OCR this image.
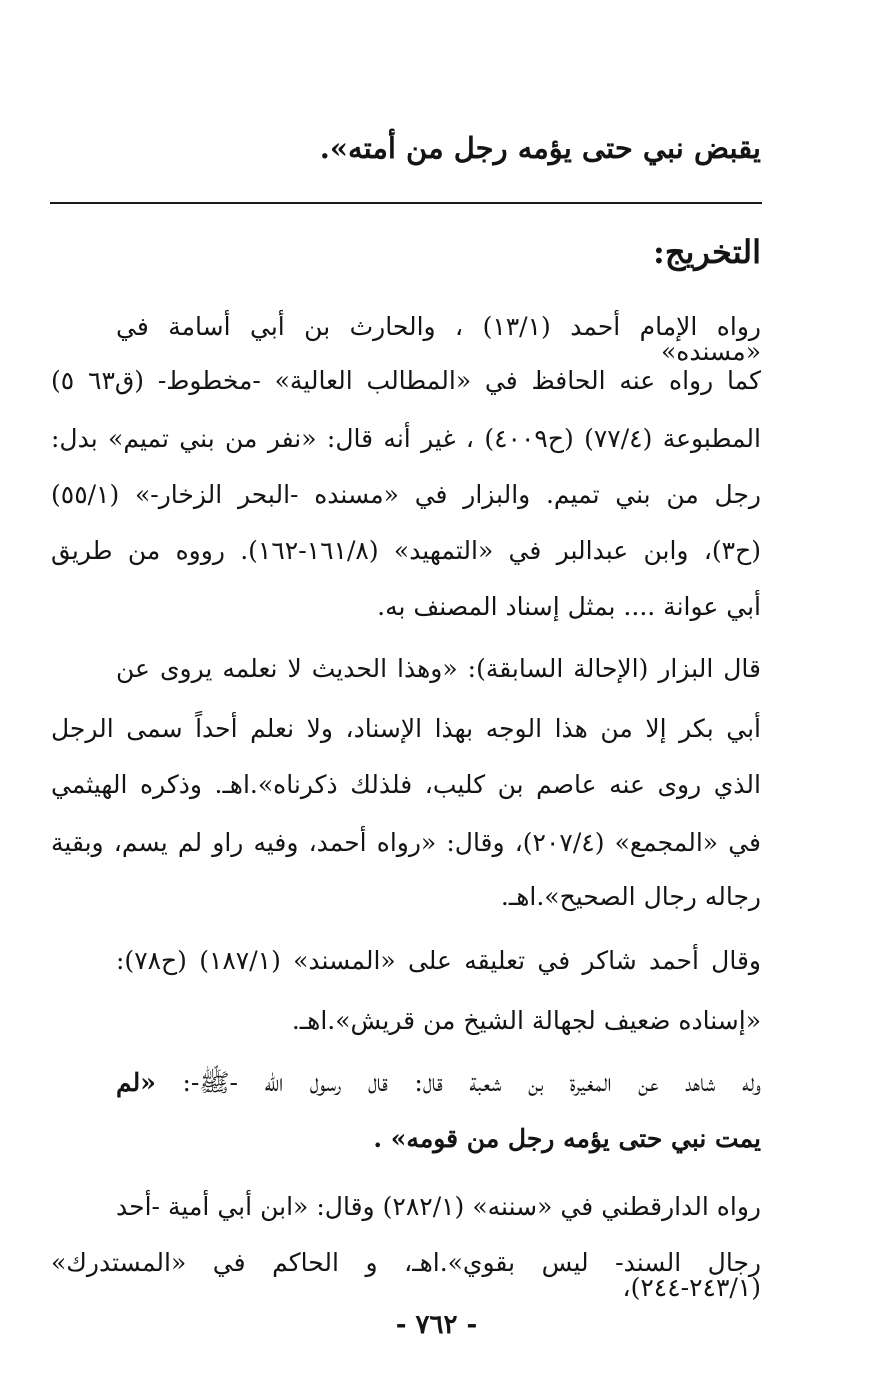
يقبض نبي حتى يؤمه رجل من أمته».
التخريج:
رواه الإمام أحمد (١٣/١) ، والحارث بن أبي أسامة في «مسنده»
كما رواه عنه الحافظ في «المطالب العالية» -مخطوط- (ق٦٣ ٥)
المطبوعة (٧٧/٤) (ح٤٠٠٩) ، غير أنه قال: «نفر من بني تميم» بدل:
رجل من بني تميم. والبزار في «مسنده -البحر الزخار-» (٥٥/١)
(ح٣)، وابن عبدالبر في «التمهيد» (١٦١/٨-١٦٢). رووه من طريق
أبي عوانة .... بمثل إسناد المصنف به.
قال البزار (الإحالة السابقة): «وهذا الحديث لا نعلمه يروى عن
أبي بكر إلا من هذا الوجه بهذا الإسناد، ولا نعلم أحداً سمى الرجل
الذي روى عنه عاصم بن كليب، فلذلك ذكرناه».اهـ. وذكره الهيثمي
في «المجمع» (٢٠٧/٤)، وقال: «رواه أحمد، وفيه راو لم يسم، وبقية
رجاله رجال الصحيح».اهـ.
وقال أحمد شاكر في تعليقه على «المسند» (١٨٧/١) (ح٧٨):
«إسناده ضعيف لجهالة الشيخ من قريش».اهـ.
وله شاهد عن المغيرة بن شعبة قال: قال رسول الله -ﷺ-: «لم
يمت نبي حتى يؤمه رجل من قومه» .
رواه الدارقطني في «سننه» (٢٨٢/١) وقال: «ابن أبي أمية -أحد
رجال السند- ليس بقوي».اهـ، و الحاكم في «المستدرك» (٢٤٣/١-٢٤٤)،
- ٧٦٢ -
